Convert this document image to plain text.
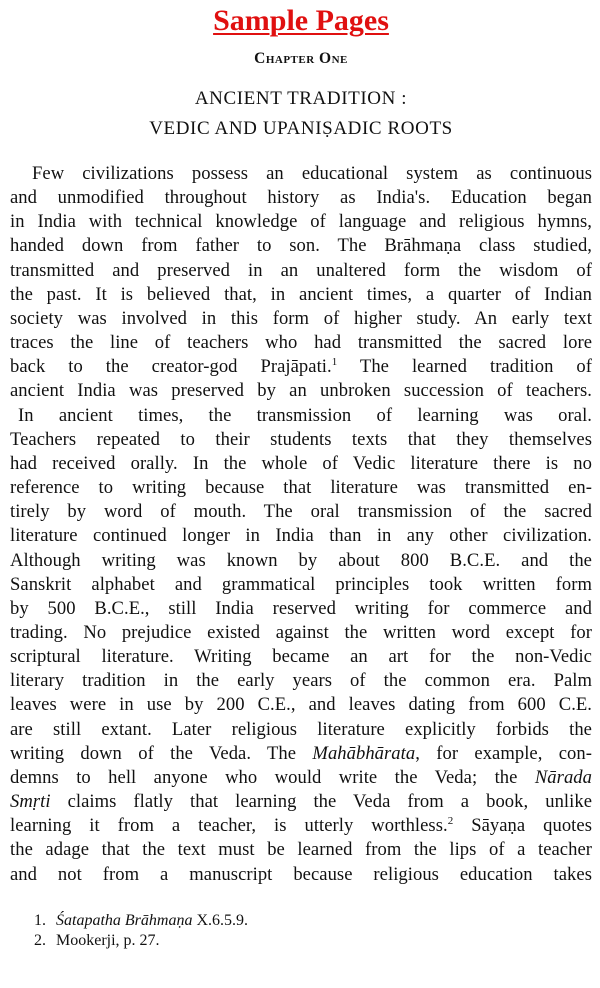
Sample Pages
Chapter One
ANCIENT TRADITION :
VEDIC AND UPANIṢADIC ROOTS
Few civilizations possess an educational system as continuous
and unmodified throughout history as India's. Education began
in India with technical knowledge of language and religious hymns,
handed down from father to son. The Brāhmaṇa class studied,
transmitted and preserved in an unaltered form the wisdom of
the past. It is believed that, in ancient times, a quarter of Indian
society was involved in this form of higher study. An early text
traces the line of teachers who had transmitted the sacred lore
back to the creator-god Prajāpati.$^1$ The learned tradition of
ancient India was preserved by an unbroken succession of teachers.
In ancient times, the transmission of learning was oral.
Teachers repeated to their students texts that they themselves
had received orally. In the whole of Vedic literature there is no
reference to writing because that literature was transmitted en-
tirely by word of mouth. The oral transmission of the sacred
literature continued longer in India than in any other civilization.
Although writing was known by about 800 B.C.E. and the
Sanskrit alphabet and grammatical principles took written form
by 500 B.C.E., still India reserved writing for commerce and
trading. No prejudice existed against the written word except for
scriptural literature. Writing became an art for the non-Vedic
literary tradition in the early years of the common era. Palm
leaves were in use by 200 C.E., and leaves dating from 600 C.E.
are still extant. Later religious literature explicitly forbids the
writing down of the Veda. The Mahābhārata, for example, con-
demns to hell anyone who would write the Veda; the Nārada
Smṛti claims flatly that learning the Veda from a book, unlike
learning it from a teacher, is utterly worthless.$^2$ Sāyaṇa quotes
the adage that the text must be learned from the lips of a teacher
and not from a manuscript because religious education takes
1. Śatapatha Brāhmaṇa X.6.5.9.
2. Mookerji, p. 27.
